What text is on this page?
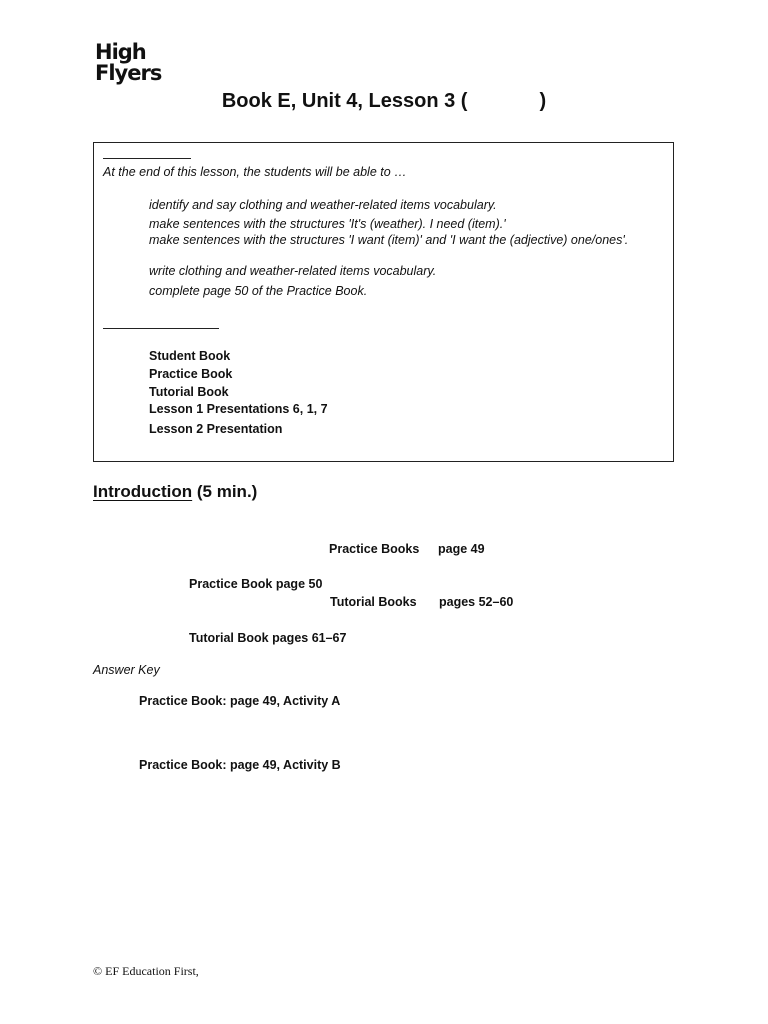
High
Flyers
Book E, Unit 4, Lesson 3 (	)
At the end of this lesson, the students will be able to …
identify and say clothing and weather-related items vocabulary.
make sentences with the structures 'It's (weather). I need (item).'
make sentences with the structures 'I want (item)' and 'I want the (adjective) one/ones'.
write clothing and weather-related items vocabulary.
complete page 50 of the Practice Book.
Student Book
Practice Book
Tutorial Book
Lesson 1 Presentations 6, 1, 7
Lesson 2 Presentation
Introduction (5 min.)
Practice Books page 49
Practice Book page 50
Tutorial Books pages 52–60
Tutorial Book pages 61–67
Answer Key
Practice Book: page 49, Activity A
Practice Book: page 49, Activity B
© EF Education First,
